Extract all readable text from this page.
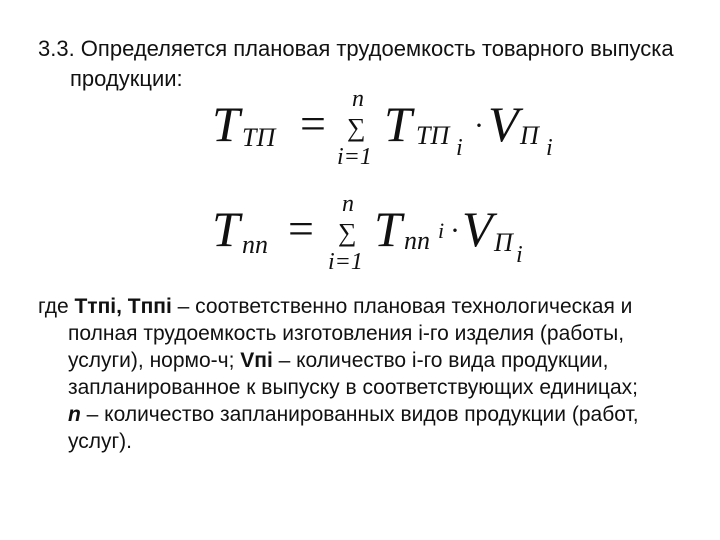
3.3. Определяется плановая трудоемкость товарного выпуска
продукции:
T ТП = n
∑
i=1
T ТП i
· V П i
T пп = n
∑
i=1
T пп i · V П i
где Tтпi, Tппi – соответственно плановая технологическая и
полная трудоемкость изготовления i-го изделия (работы,
услуги), нормо-ч; Vпi – количество i-го вида продукции,
запланированное к выпуску в соответствующих единицах;
n – количество запланированных видов продукции (работ,
услуг).
